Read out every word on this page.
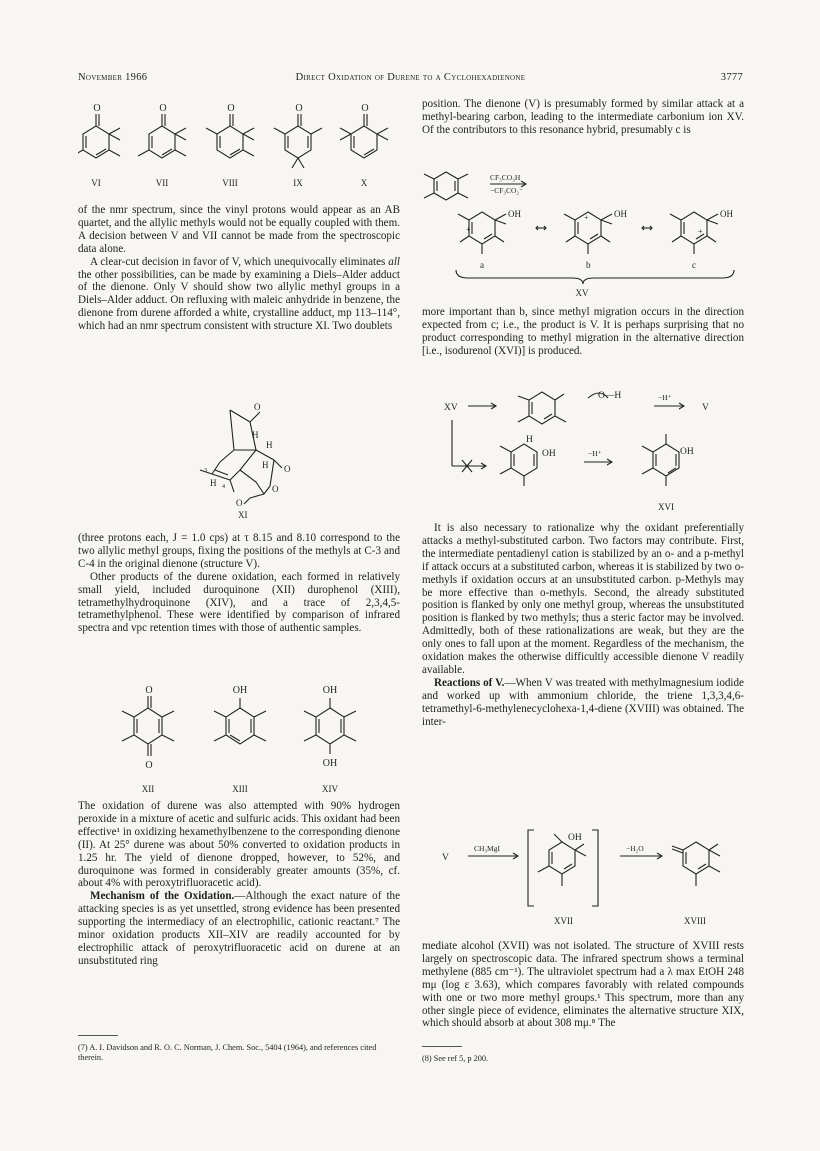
November 1966	Direct Oxidation of Durene to a Cyclohexadienone	3777
O	O	O	O	O
VI	VII	VIII	IX	X

of the nmr spectrum, since the vinyl protons would appear as an AB quartet, and the allylic methyls would not be equally coupled with them. A decision between V and VII cannot be made from the spectroscopic data alone.

A clear-cut decision in favor of V, which unequivocally eliminates all the other possibilities, can be made by examining a Diels–Alder adduct of the dienone. Only V should show two allylic methyl groups in a Diels–Alder adduct. On refluxing with maleic anhydride in benzene, the dienone from durene afforded a white, crystalline adduct, mp 113–114°, which had an nmr spectrum consistent with structure XI. Two doublets

O
H
H
H
H
O
O
O
3
4
XI

(three protons each, J = 1.0 cps) at τ 8.15 and 8.10 correspond to the two allylic methyl groups, fixing the positions of the methyls at C-3 and C-4 in the original dienone (structure V).

Other products of the durene oxidation, each formed in relatively small yield, included duroquinone (XII) durophenol (XIII), tetramethylhydroquinone (XIV), and a trace of 2,3,4,5-tetramethylphenol. These were identified by comparison of infrared spectra and vpc retention times with those of authentic samples.

O
O
OH	OH
OH
XII	XIII	XIV

The oxidation of durene was also attempted with 90% hydrogen peroxide in a mixture of acetic and sulfuric acids. This oxidant had been effective¹ in oxidizing hexamethylbenzene to the corresponding dienone (II). At 25° durene was about 50% converted to oxidation products in 1.25 hr. The yield of dienone dropped, however, to 52%, and duroquinone was formed in considerably greater amounts (35%, cf. about 4% with peroxytrifluoracetic acid).

Mechanism of the Oxidation.—Although the exact nature of the attacking species is as yet unsettled, strong evidence has been presented supporting the intermediacy of an electrophilic, cationic reactant.⁷ The minor oxidation products XII–XIV are readily accounted for by electrophilic attack of peroxytrifluoracetic acid on durene at an unsubstituted ring

(7) A. I. Davidson and R. O. C. Norman, J. Chem. Soc., 5404 (1964), and references cited therein.

position. The dienone (V) is presumably formed by similar attack at a methyl-bearing carbon, leading to the intermediate carbonium ion XV. Of the contributors to this resonance hybrid, presumably c is

CF₃CO₃H
−CF₃CO₂⁻
OH	OH	OH
+
+
+
a	b	c
XV

more important than b, since methyl migration occurs in the direction expected from c; i.e., the product is V. It is perhaps surprising that no product corresponding to methyl migration in the alternative direction [i.e., isodurenol (XVI)] is produced.

XV
O—H	−H⁺
V
H
OH	−H⁺	OH
XVI

It is also necessary to rationalize why the oxidant preferentially attacks a methyl-substituted carbon. Two factors may contribute. First, the intermediate pentadienyl cation is stabilized by an o- and a p-methyl if attack occurs at a substituted carbon, whereas it is stabilized by two o-methyls if oxidation occurs at an unsubstituted carbon. p-Methyls may be more effective than o-methyls. Second, the already substituted position is flanked by only one methyl group, whereas the unsubstituted position is flanked by two methyls; thus a steric factor may be involved. Admittedly, both of these rationalizations are weak, but they are the only ones to fall upon at the moment. Regardless of the mechanism, the oxidation makes the otherwise difficultly accessible dienone V readily available.

Reactions of V.—When V was treated with methylmagnesium iodide and worked up with ammonium chloride, the triene 1,3,3,4,6-tetramethyl-6-methylenecyclohexa-1,4-diene (XVIII) was obtained. The inter-

V
CH₃MgI
OH
−H₂O
XVII	XVIII

mediate alcohol (XVII) was not isolated. The structure of XVIII rests largely on spectroscopic data. The infrared spectrum shows a terminal methylene (885 cm⁻¹). The ultraviolet spectrum had a λ max EtOH 248 mμ (log ε 3.63), which compares favorably with related compounds with one or two more methyl groups.¹ This spectrum, more than any other single piece of evidence, eliminates the alternative structure XIX, which should absorb at about 308 mμ.⁸ The

(8) See ref 5, p 200.
